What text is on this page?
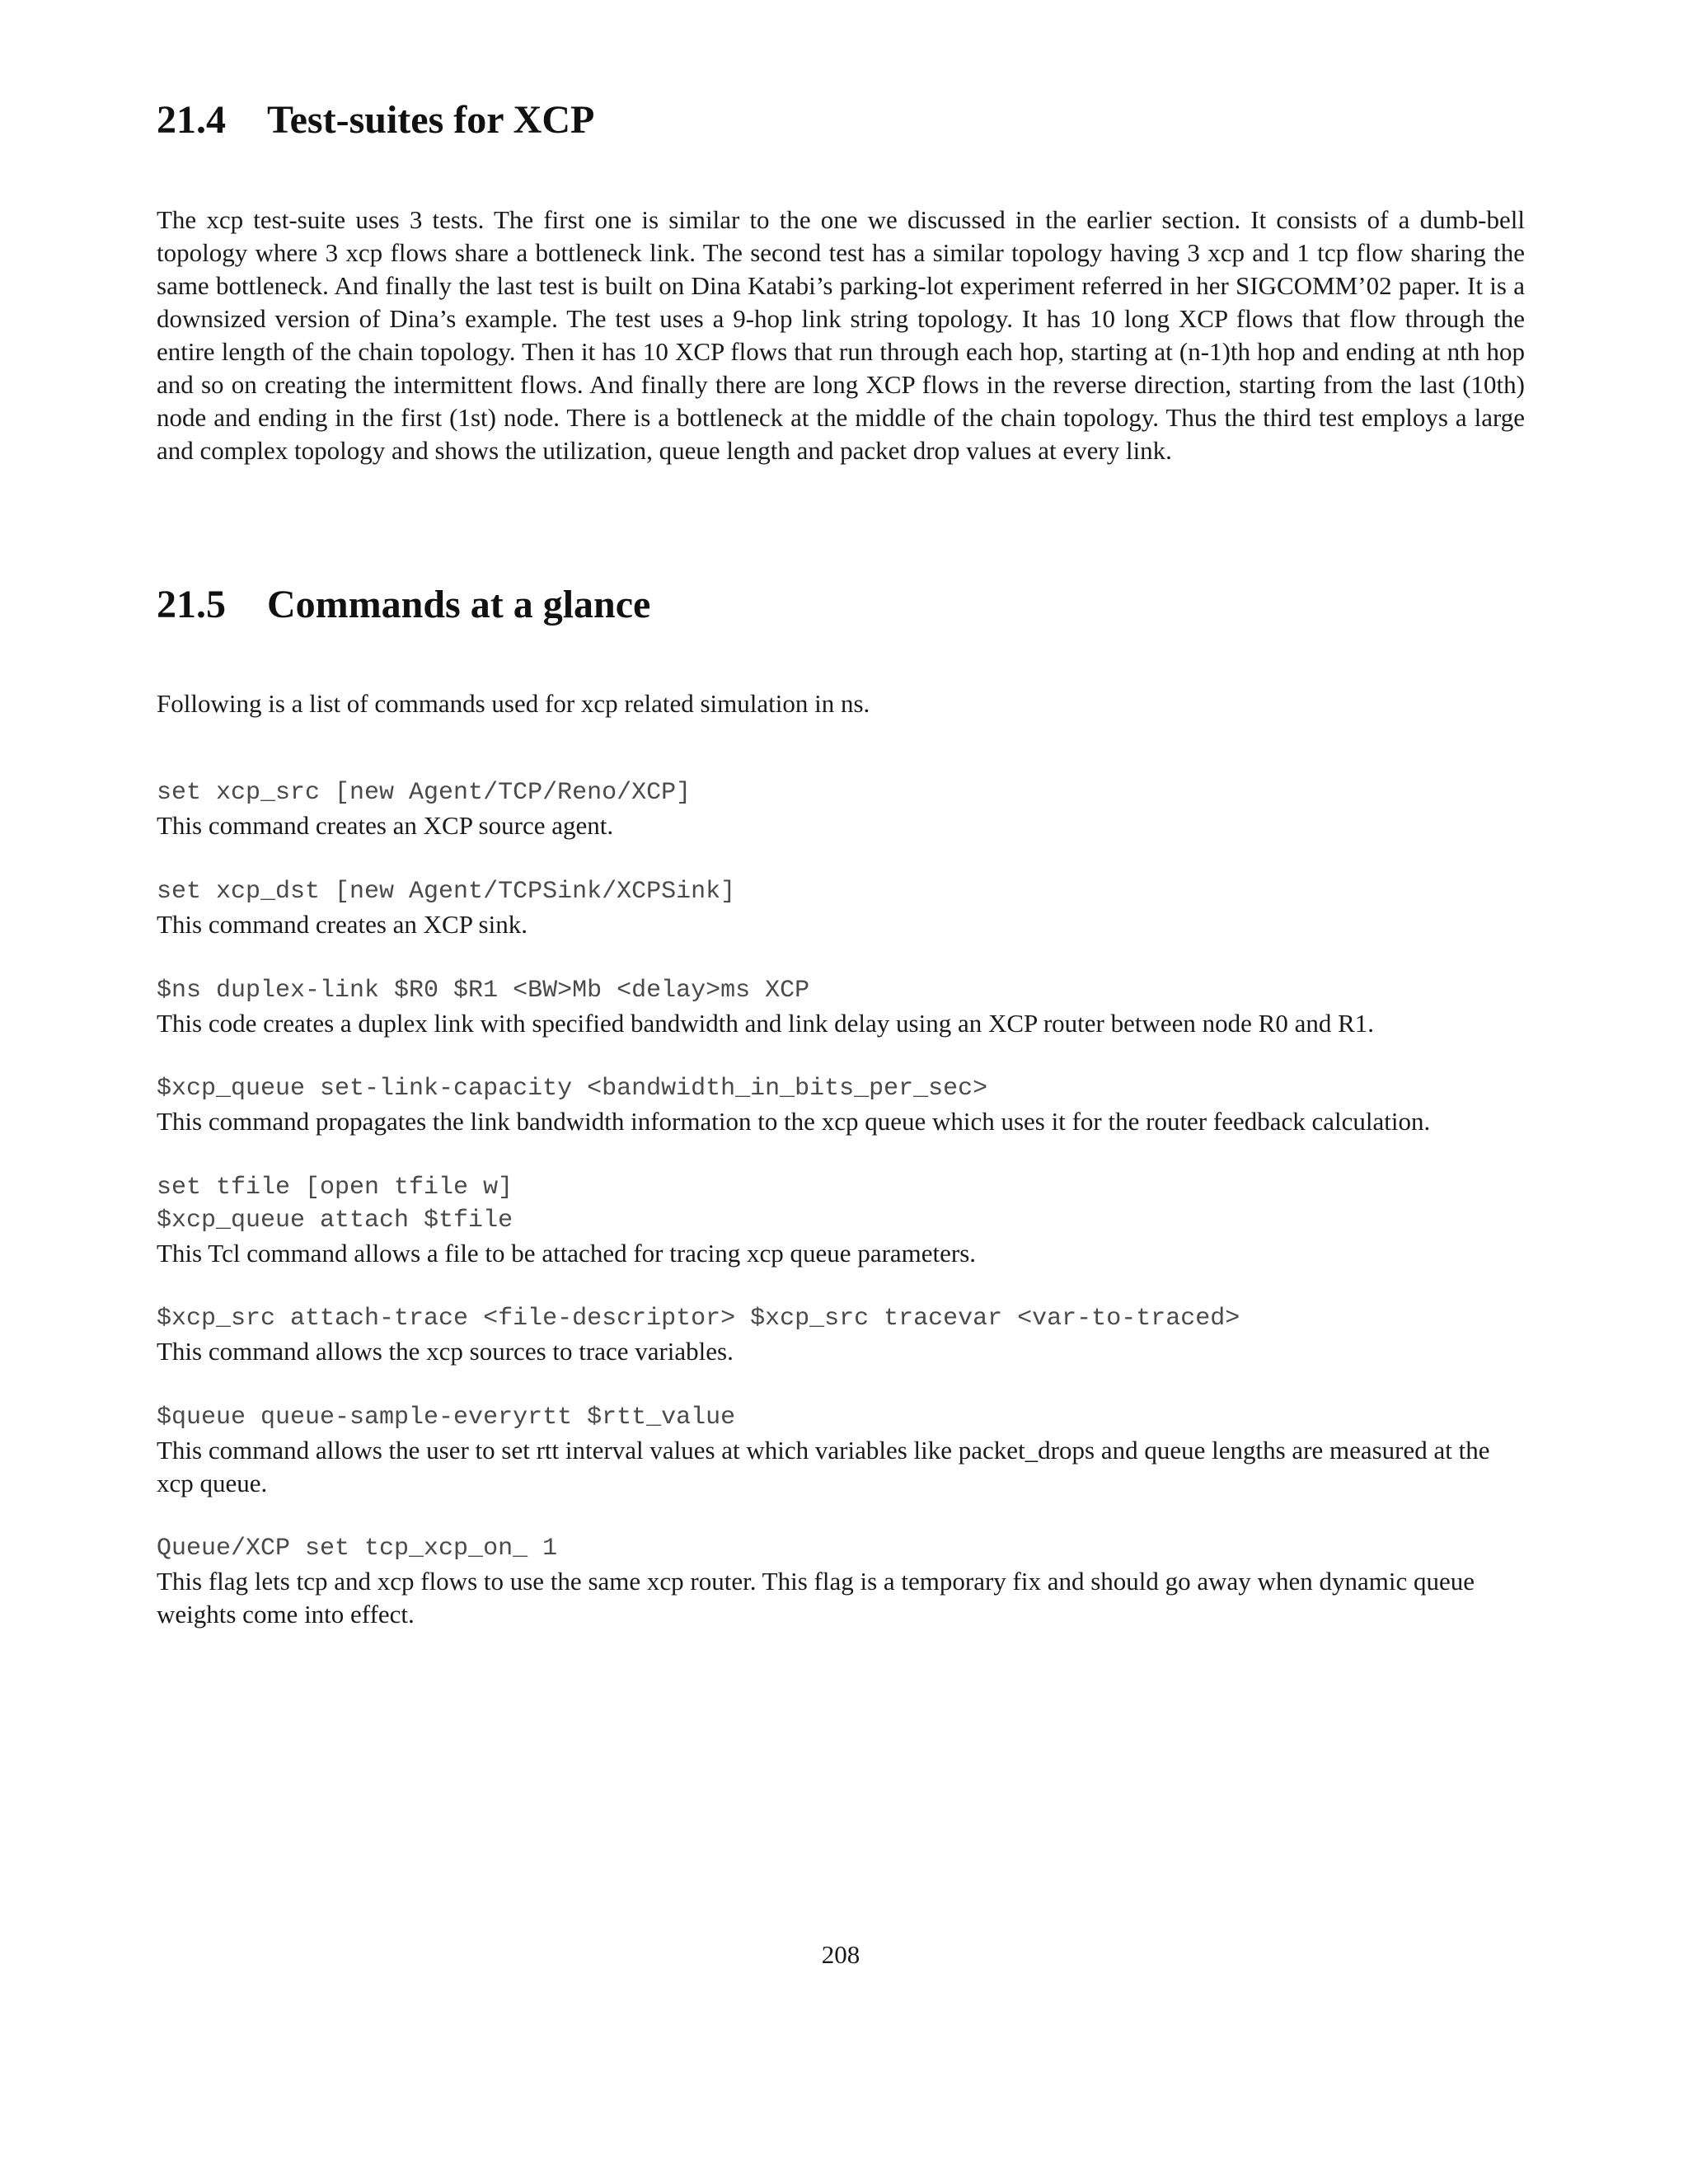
21.4 Test-suites for XCP

The xcp test-suite uses 3 tests. The first one is similar to the one we discussed in the earlier section. It consists of a dumb-bell topology where 3 xcp flows share a bottleneck link. The second test has a similar topology having 3 xcp and 1 tcp flow sharing the same bottleneck. And finally the last test is built on Dina Katabi’s parking-lot experiment referred in her SIGCOMM’02 paper. It is a downsized version of Dina’s example. The test uses a 9-hop link string topology. It has 10 long XCP flows that flow through the entire length of the chain topology. Then it has 10 XCP flows that run through each hop, starting at (n-1)th hop and ending at nth hop and so on creating the intermittent flows. And finally there are long XCP flows in the reverse direction, starting from the last (10th) node and ending in the first (1st) node. There is a bottleneck at the middle of the chain topology. Thus the third test employs a large and complex topology and shows the utilization, queue length and packet drop values at every link.

21.5 Commands at a glance

Following is a list of commands used for xcp related simulation in ns.

set xcp_src [new Agent/TCP/Reno/XCP]
This command creates an XCP source agent.
set xcp_dst [new Agent/TCPSink/XCPSink]
This command creates an XCP sink.
$ns duplex-link $R0 $R1 <BW>Mb <delay>ms XCP
This code creates a duplex link with specified bandwidth and link delay using an XCP router between node R0 and R1.
$xcp_queue set-link-capacity <bandwidth_in_bits_per_sec>
This command propagates the link bandwidth information to the xcp queue which uses it for the router feedback calculation.
set tfile [open tfile w]
$xcp_queue attach $tfile
This Tcl command allows a file to be attached for tracing xcp queue parameters.
$xcp_src attach-trace <file-descriptor> $xcp_src tracevar <var-to-traced>
This command allows the xcp sources to trace variables.
$queue queue-sample-everyrtt $rtt_value
This command allows the user to set rtt interval values at which variables like packet_drops and queue lengths are measured at the xcp queue.
Queue/XCP set tcp_xcp_on_ 1
This flag lets tcp and xcp flows to use the same xcp router. This flag is a temporary fix and should go away when dynamic queue weights come into effect.
208
